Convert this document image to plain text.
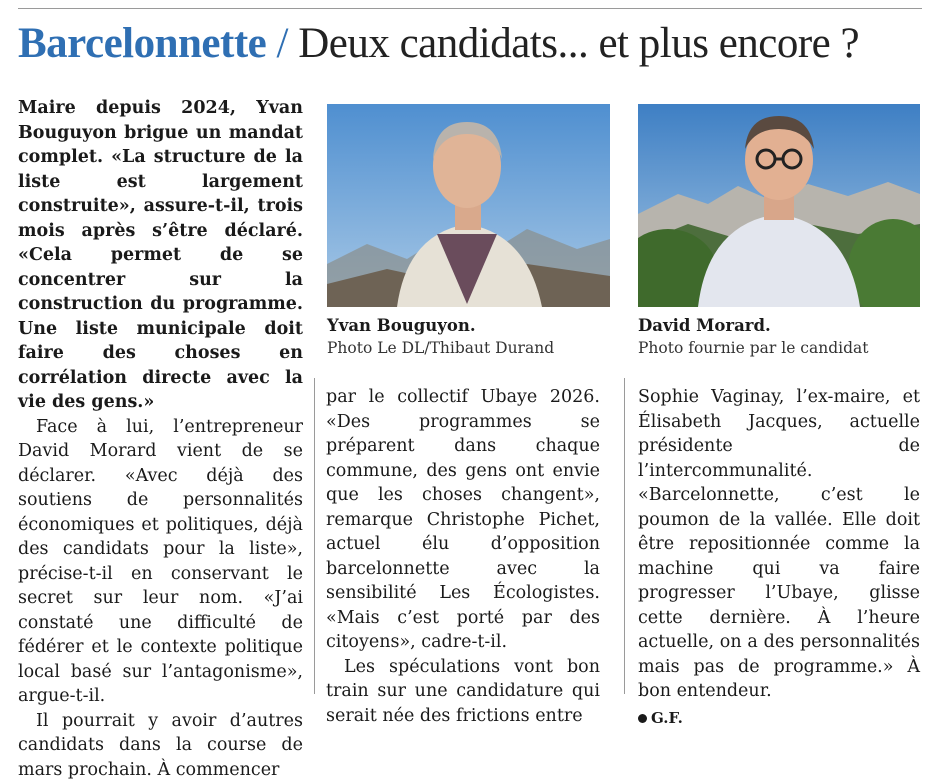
Barcelonnette / Deux candidats... et plus encore ?

Maire depuis 2024, Yvan Bouguyon brigue un mandat complet. «La structure de la liste est largement construite», assure-t-il, trois mois après s’être déclaré. «Cela permet de se concentrer sur la construction du programme. Une liste municipale doit faire des choses en corrélation directe avec la vie des gens.»

Face à lui, l’entrepreneur David Morard vient de se déclarer. «Avec déjà des soutiens de personnalités économiques et politiques, déjà des candidats pour la liste», précise-t-il en conservant le secret sur leur nom. «J’ai constaté une difficulté de fédérer et le contexte politique local basé sur l’antagonisme», argue-t-il.

Il pourrait y avoir d’autres candidats dans la course de mars prochain. À commencer

Yvan Bouguyon.
Photo Le DL/Thibaut Durand
David Morard.
Photo fournie par le candidat

par le collectif Ubaye 2026. «Des programmes se préparent dans chaque commune, des gens ont envie que les choses changent», remarque Christophe Pichet, actuel élu d’opposition barcelonnette avec la sensibilité Les Écologistes. «Mais c’est porté par des citoyens», cadre-t-il.

Les spéculations vont bon train sur une candidature qui serait née des frictions entre

Sophie Vaginay, l’ex-maire, et Élisabeth Jacques, actuelle présidente de l’intercommunalité. «Barcelonnette, c’est le poumon de la vallée. Elle doit être repositionnée comme la machine qui va faire progresser l’Ubaye, glisse cette dernière. À l’heure actuelle, on a des personnalités mais pas de programme.» À bon entendeur.

G.F.
